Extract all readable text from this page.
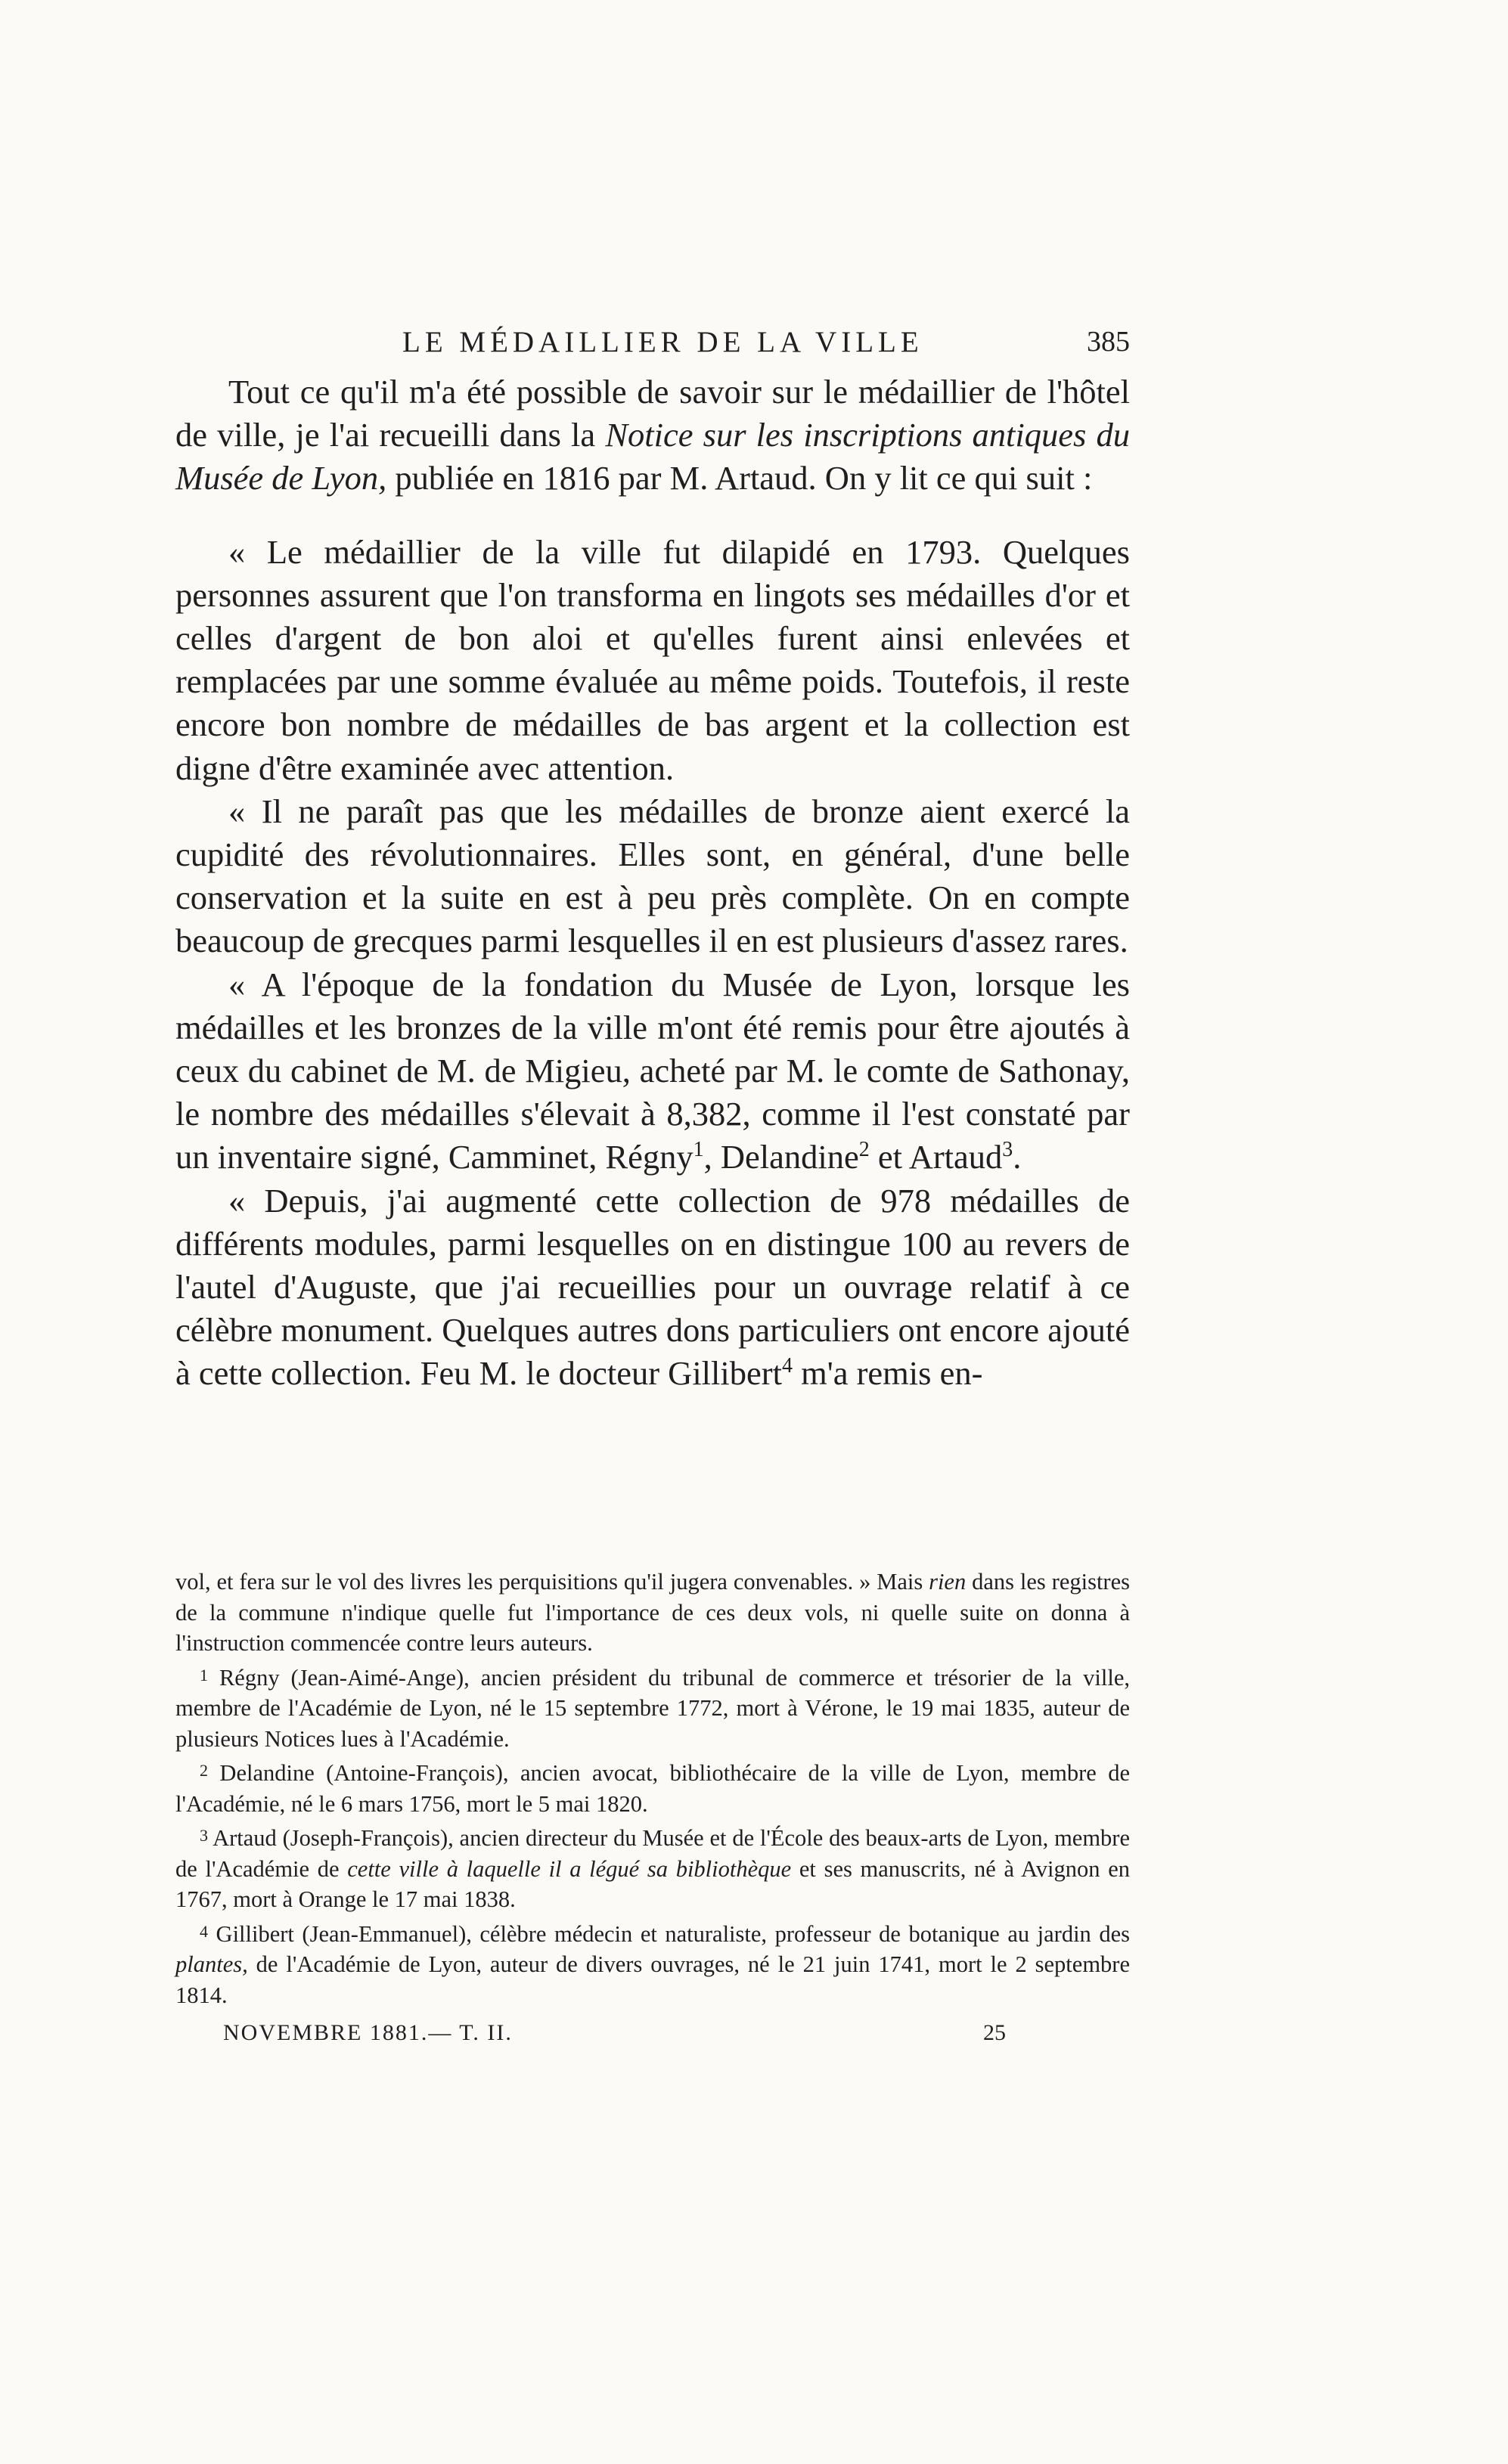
LE MÉDAILLIER DE LA VILLE	385

Tout ce qu'il m'a été possible de savoir sur le médaillier de l'hôtel de ville, je l'ai recueilli dans la Notice sur les inscriptions antiques du Musée de Lyon, publiée en 1816 par M. Artaud. On y lit ce qui suit :

« Le médaillier de la ville fut dilapidé en 1793. Quelques personnes assurent que l'on transforma en lingots ses médailles d'or et celles d'argent de bon aloi et qu'elles furent ainsi enlevées et remplacées par une somme évaluée au même poids. Toutefois, il reste encore bon nombre de médailles de bas argent et la collection est digne d'être examinée avec attention.

« Il ne paraît pas que les médailles de bronze aient exercé la cupidité des révolutionnaires. Elles sont, en général, d'une belle conservation et la suite en est à peu près complète. On en compte beaucoup de grecques parmi lesquelles il en est plusieurs d'assez rares.

« A l'époque de la fondation du Musée de Lyon, lorsque les médailles et les bronzes de la ville m'ont été remis pour être ajoutés à ceux du cabinet de M. de Migieu, acheté par M. le comte de Sathonay, le nombre des médailles s'élevait à 8,382, comme il l'est constaté par un inventaire signé, Camminet, Régny$^1$, Delandine$^2$ et Artaud$^3$.

« Depuis, j'ai augmenté cette collection de 978 médailles de différents modules, parmi lesquelles on en distingue 100 au revers de l'autel d'Auguste, que j'ai recueillies pour un ouvrage relatif à ce célèbre monument. Quelques autres dons particuliers ont encore ajouté à cette collection. Feu M. le docteur Gillibert$^4$ m'a remis en-

vol, et fera sur le vol des livres les perquisitions qu'il jugera convenables. » Mais rien dans les registres de la commune n'indique quelle fut l'importance de ces deux vols, ni quelle suite on donna à l'instruction commencée contre leurs auteurs.

$^1$ Régny (Jean-Aimé-Ange), ancien président du tribunal de commerce et trésorier de la ville, membre de l'Académie de Lyon, né le 15 septembre 1772, mort à Vérone, le 19 mai 1835, auteur de plusieurs Notices lues à l'Académie.

$^2$ Delandine (Antoine-François), ancien avocat, bibliothécaire de la ville de Lyon, membre de l'Académie, né le 6 mars 1756, mort le 5 mai 1820.

$^3$ Artaud (Joseph-François), ancien directeur du Musée et de l'École des beaux-arts de Lyon, membre de l'Académie de cette ville à laquelle il a légué sa bibliothèque et ses manuscrits, né à Avignon en 1767, mort à Orange le 17 mai 1838.

$^4$ Gillibert (Jean-Emmanuel), célèbre médecin et naturaliste, professeur de botanique au jardin des plantes, de l'Académie de Lyon, auteur de divers ouvrages, né le 21 juin 1741, mort le 2 septembre 1814.

NOVEMBRE 1881.— T. II.	25
